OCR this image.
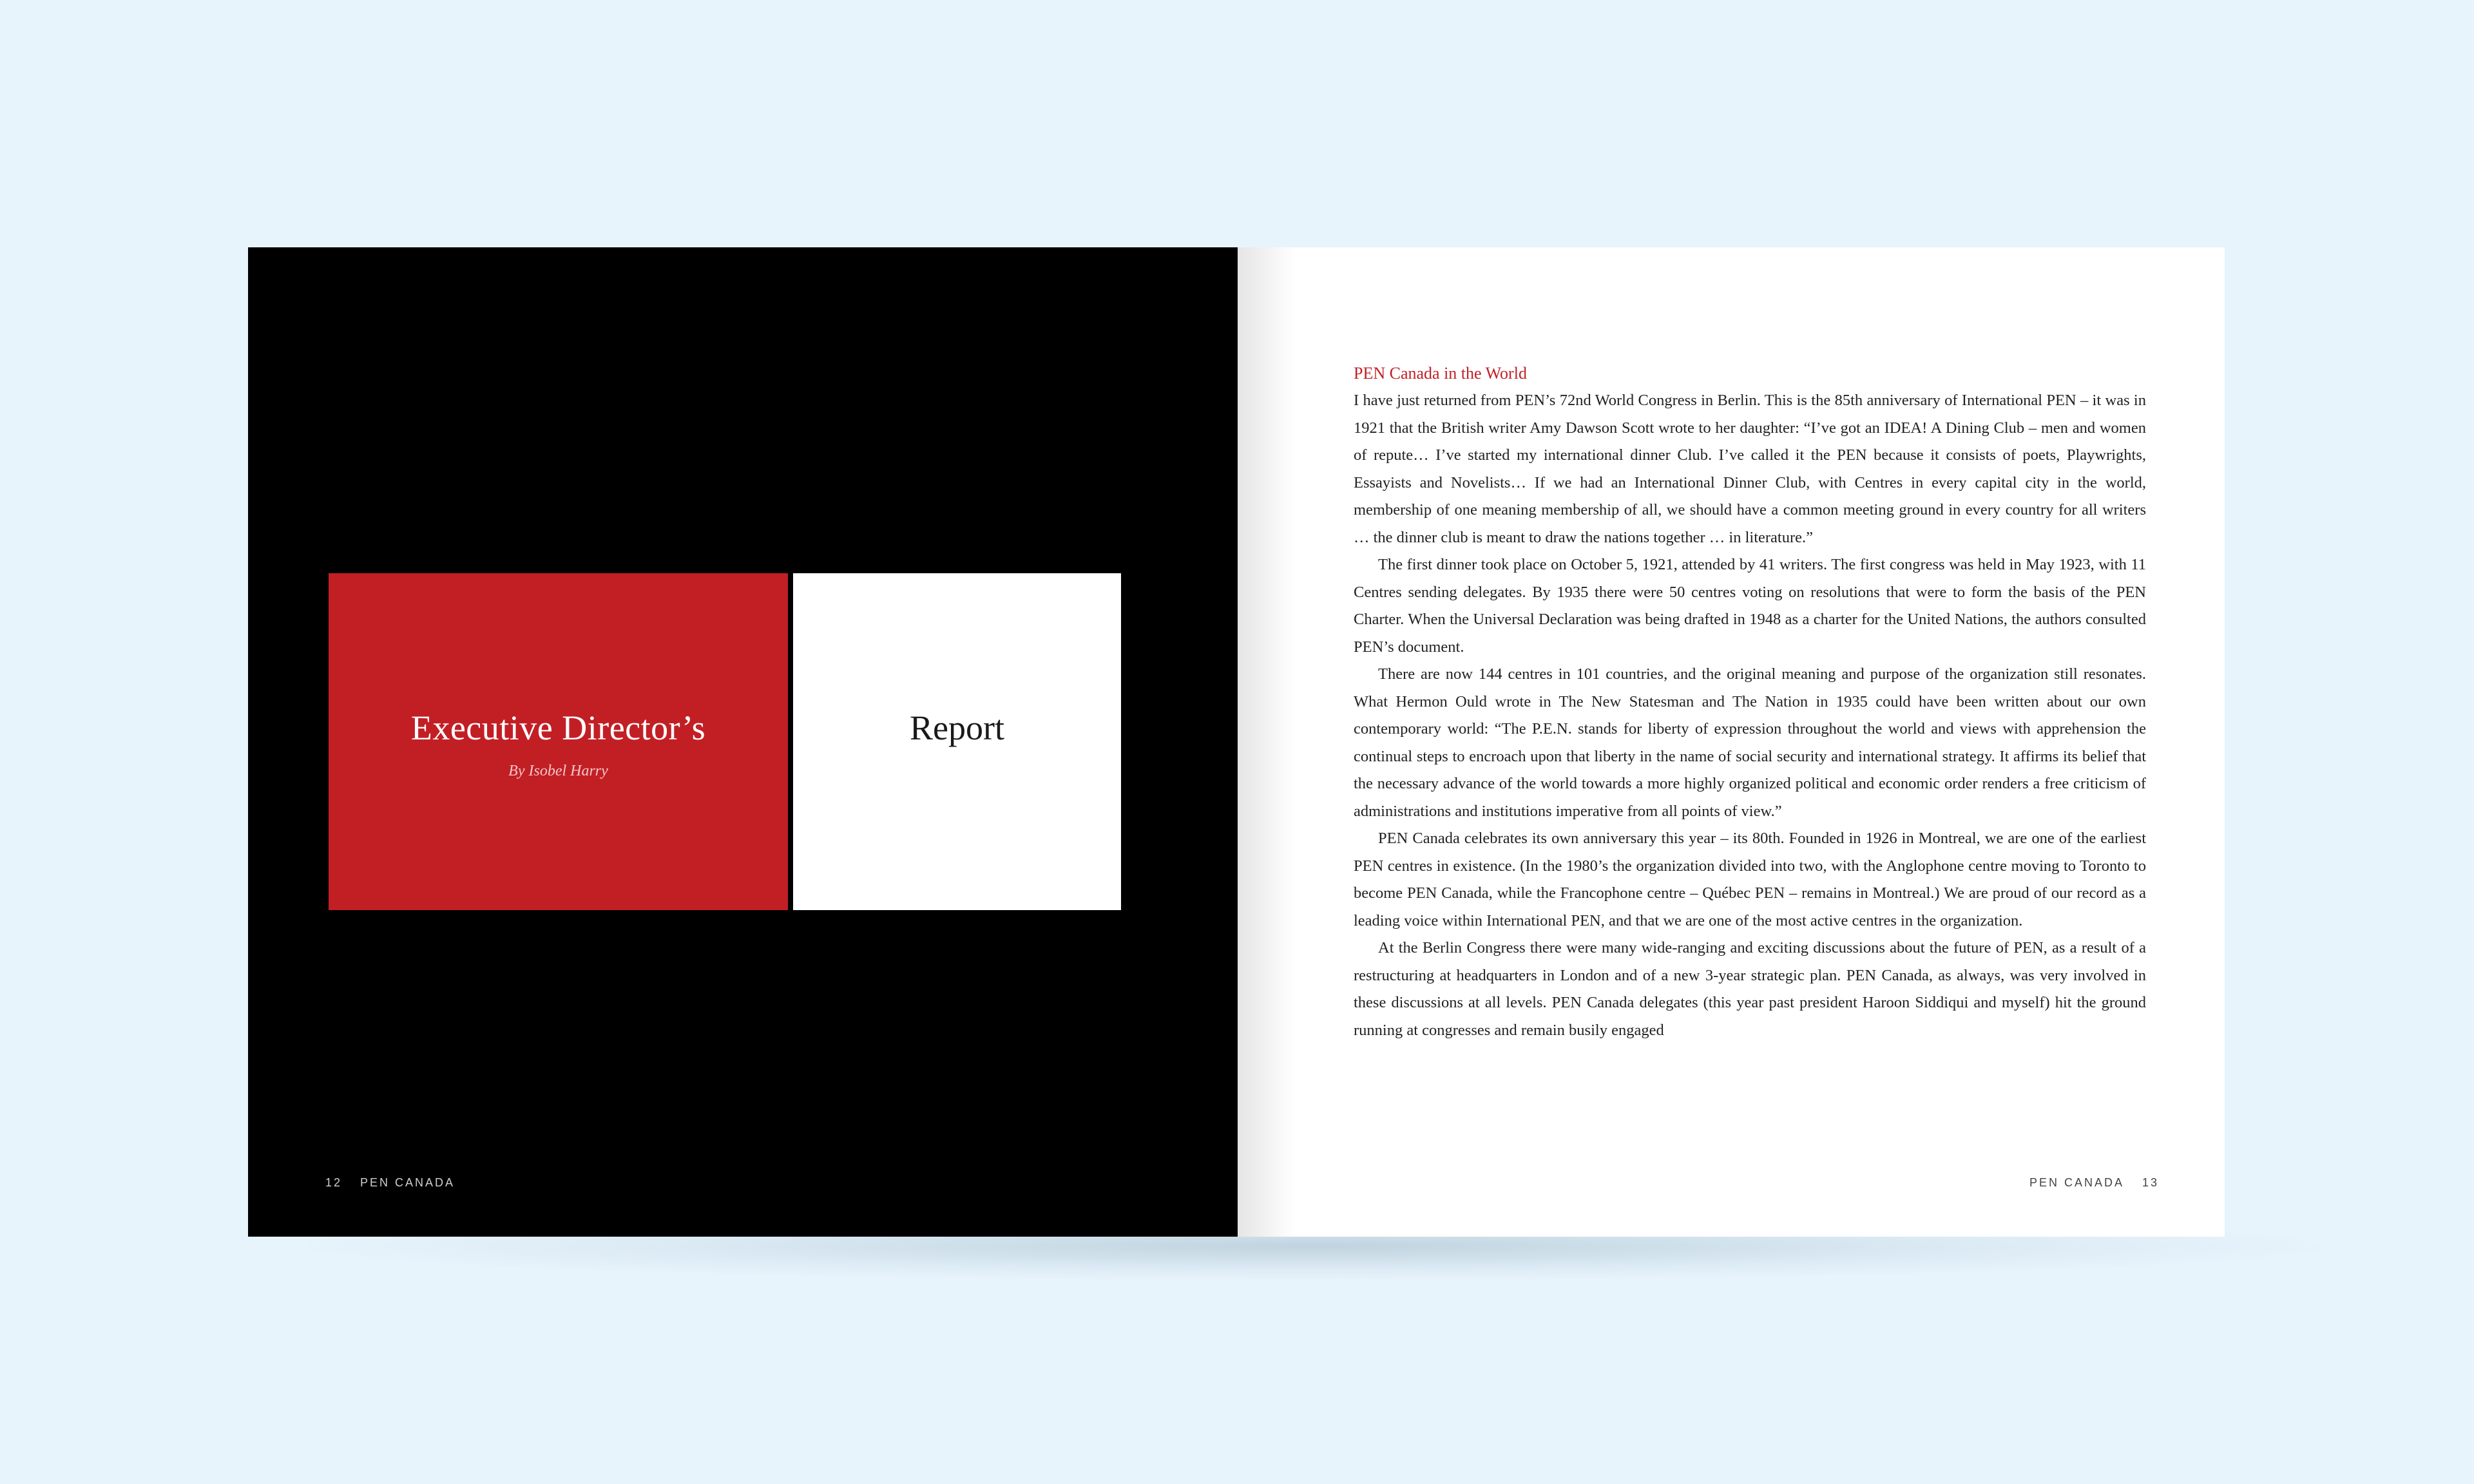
PEN CANADA 13
Executive Director’s
By Isobel Harry
Report
12 PEN CANADA
PEN Canada in the World

I have just returned from PEN’s 72nd World Congress in Berlin. This is the 85th anniversary of International PEN – it was in 1921 that the British writer Amy Dawson Scott wrote to her daughter: “I’ve got an IDEA! A Dining Club – men and women of repute… I’ve started my international dinner Club. I’ve called it the PEN because it consists of poets, Playwrights, Essayists and Novelists… If we had an International Dinner Club, with Centres in every capital city in the world, membership of one meaning membership of all, we should have a common meeting ground in every country for all writers … the dinner club is meant to draw the nations together … in literature.”

The first dinner took place on October 5, 1921, attended by 41 writers. The first congress was held in May 1923, with 11 Centres sending delegates. By 1935 there were 50 centres voting on resolutions that were to form the basis of the PEN Charter. When the Universal Declaration was being drafted in 1948 as a charter for the United Nations, the authors consulted PEN’s document.

There are now 144 centres in 101 countries, and the original meaning and purpose of the organization still resonates. What Hermon Ould wrote in The New Statesman and The Nation in 1935 could have been written about our own contemporary world: “The P.E.N. stands for liberty of expression throughout the world and views with apprehension the continual steps to encroach upon that liberty in the name of social security and international strategy. It affirms its belief that the necessary advance of the world towards a more highly organized political and economic order renders a free criticism of administrations and institutions imperative from all points of view.”

PEN Canada celebrates its own anniversary this year – its 80th. Founded in 1926 in Montreal, we are one of the earliest PEN centres in existence. (In the 1980’s the organization divided into two, with the Anglophone centre moving to Toronto to become PEN Canada, while the Francophone centre – Québec PEN – remains in Montreal.) We are proud of our record as a leading voice within International PEN, and that we are one of the most active centres in the organization.

At the Berlin Congress there were many wide-ranging and exciting discussions about the future of PEN, as a result of a restructuring at headquarters in London and of a new 3-year strategic plan. PEN Canada, as always, was very involved in these discussions at all levels. PEN Canada delegates (this year past president Haroon Siddiqui and myself) hit the ground running at congresses and remain busily engaged
